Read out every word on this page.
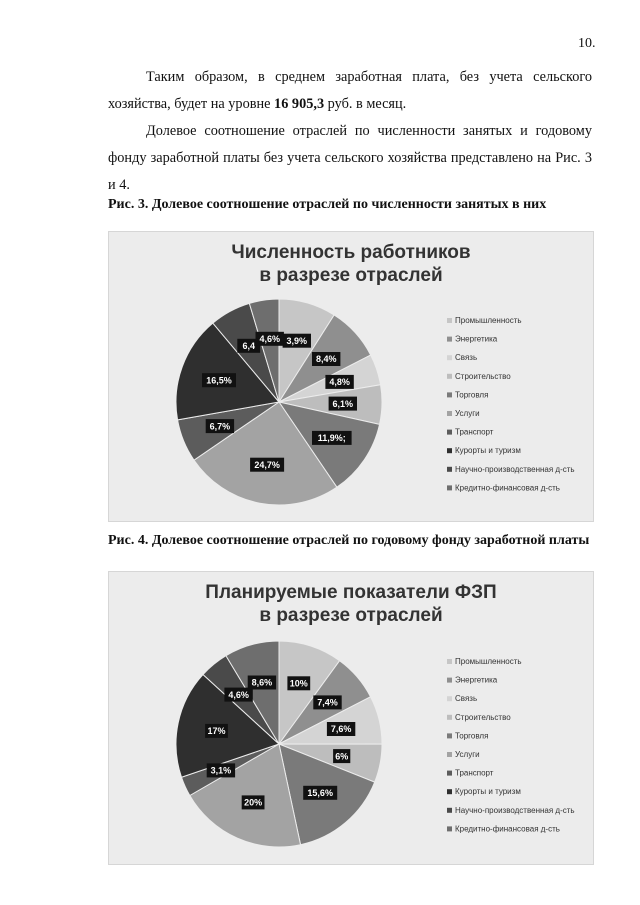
10.

Таким образом, в среднем заработная плата, без учета сельского хозяйства, будет на уровне 16 905,3 руб. в месяц.

Долевое соотношение отраслей по численности занятых и годовому фонду заработной платы без учета сельского хозяйства представлено на Рис. 3 и 4.

Рис. 3. Долевое соотношение отраслей по численности занятых в них

Численность работников
в разрезе отраслей
3,9%
8,4%
4,8%
6,1%
11,9%;
24,7%
6,7%
16,5%
6,4
4,6%
Промышленность
Энергетика
Связь
Строительство
Торговля
Услуги
Транспорт
Курорты и туризм
Научно-производственная д-сть
Кредитно-финансовая д-сть

Рис. 4. Долевое соотношение отраслей по годовому фонду заработной платы

Планируемые показатели ФЗП
в разрезе отраслей
10%
7,4%
7,6%
6%
15,6%
20%
3,1%
17%
4,6%
8,6%
Промышленность
Энергетика
Связь
Строительство
Торговля
Услуги
Транспорт
Курорты и туризм
Научно-производственная д-сть
Кредитно-финансовая д-сть
